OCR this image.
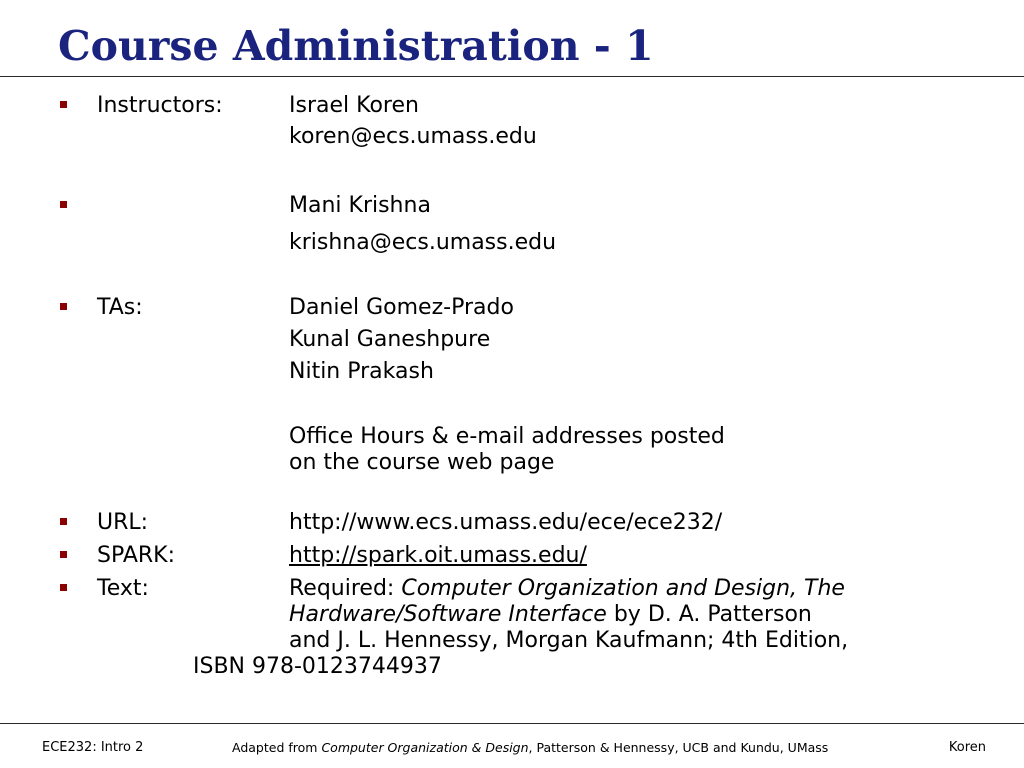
Course Administration - 1
Instructors:	Israel Koren
koren@ecs.umass.edu
Mani Krishna
krishna@ecs.umass.edu
TAs:	Daniel Gomez-Prado
Kunal Ganeshpure
Nitin Prakash
Office Hours & e-mail addresses posted
on the course web page
URL:	http://www.ecs.umass.edu/ece/ece232/
SPARK:	http://spark.oit.umass.edu/
Text:	Required: Computer Organization and Design, The
Hardware/Software Interface by D. A. Patterson
and J. L. Hennessy, Morgan Kaufmann; 4th Edition,
ISBN 978-0123744937
ECE232: Intro 2	Adapted from Computer Organization & Design, Patterson & Hennessy, UCB and Kundu, UMass	Koren
